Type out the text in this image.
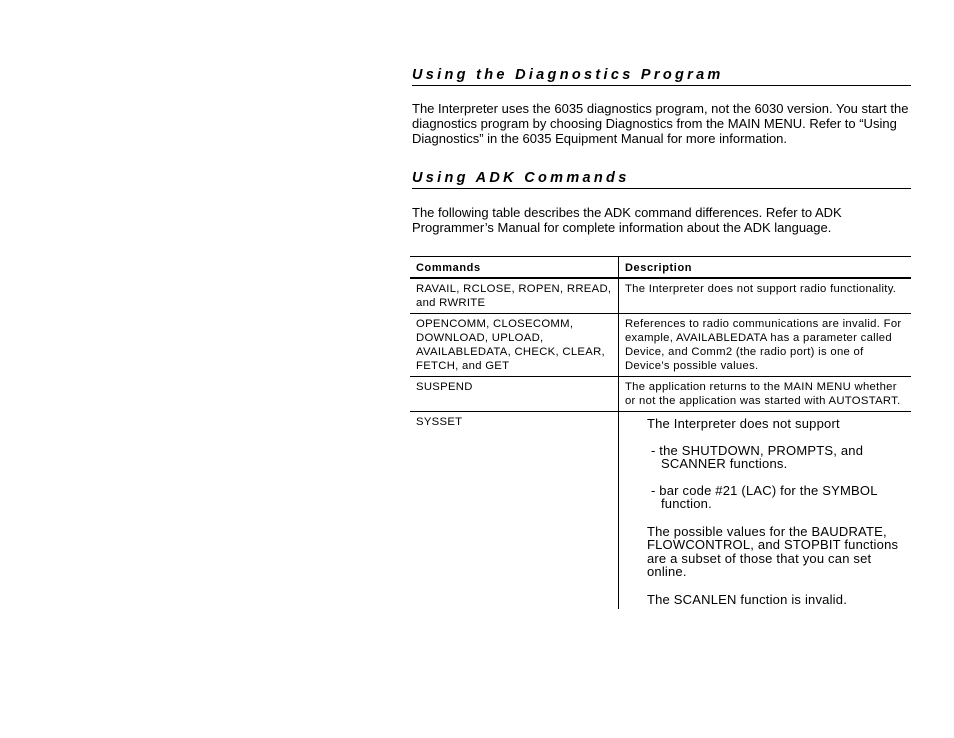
Using the Diagnostics Program

The Interpreter uses the 6035 diagnostics program, not the 6030 version. You start the diagnostics program by choosing Diagnostics from the MAIN MENU. Refer to “Using Diagnostics” in the 6035 Equipment Manual for more information.

Using ADK Commands

The following table describes the ADK command differences. Refer to ADK Programmer’s Manual for complete information about the ADK language.

Commands	Description
RAVAIL, RCLOSE, ROPEN, RREAD, and RWRITE	The Interpreter does not support radio functionality.
OPENCOMM, CLOSECOMM, DOWNLOAD, UPLOAD, AVAILABLEDATA, CHECK, CLEAR, FETCH, and GET	References to radio communications are invalid. For example, AVAILABLEDATA has a parameter called Device, and Comm2 (the radio port) is one of Device’s possible values.
SUSPEND	The application returns to the MAIN MENU whether or not the application was started with AUTOSTART.
SYSSET	The Interpreter does not support

- the SHUTDOWN, PROMPTS, and SCANNER functions.

- bar code #21 (LAC) for the SYMBOL function.

The possible values for the BAUDRATE, FLOWCONTROL, and STOPBIT functions are a subset of those that you can set online.

The SCANLEN function is invalid.
